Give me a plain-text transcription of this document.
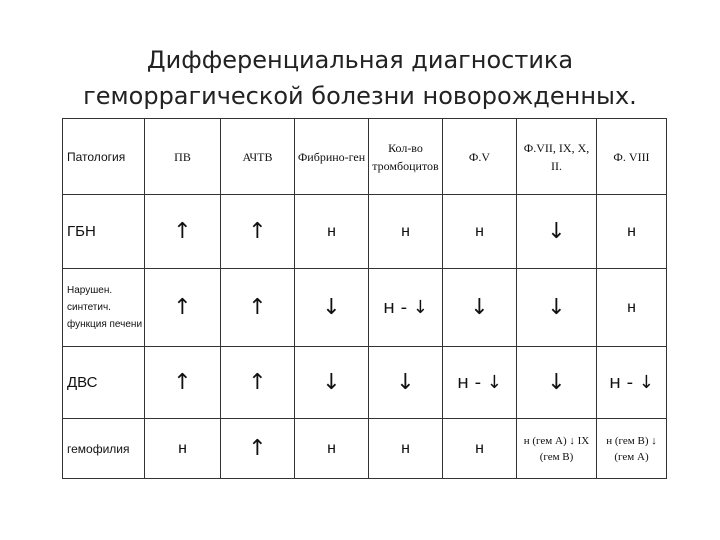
Дифференциальная диагностика
геморрагической болезни новорожденных.
Патология	ПВ	АЧТВ	Фибрино-ген	Кол-во тромбоцитов	Ф.V	Ф.VII, IX, X, II.	Ф. VIII
ГБН	↑	↑	н	н	н	↓	н
Нарушен. синтетич. функция печени	↑	↑	↓	н - ↓	↓	↓	н
ДВС	↑	↑	↓	↓	н - ↓	↓	н - ↓
гемофилия	н	↑	н	н	н	н (гем A) ↓ IX (гем В)	н (гем В) ↓ (гем А)
